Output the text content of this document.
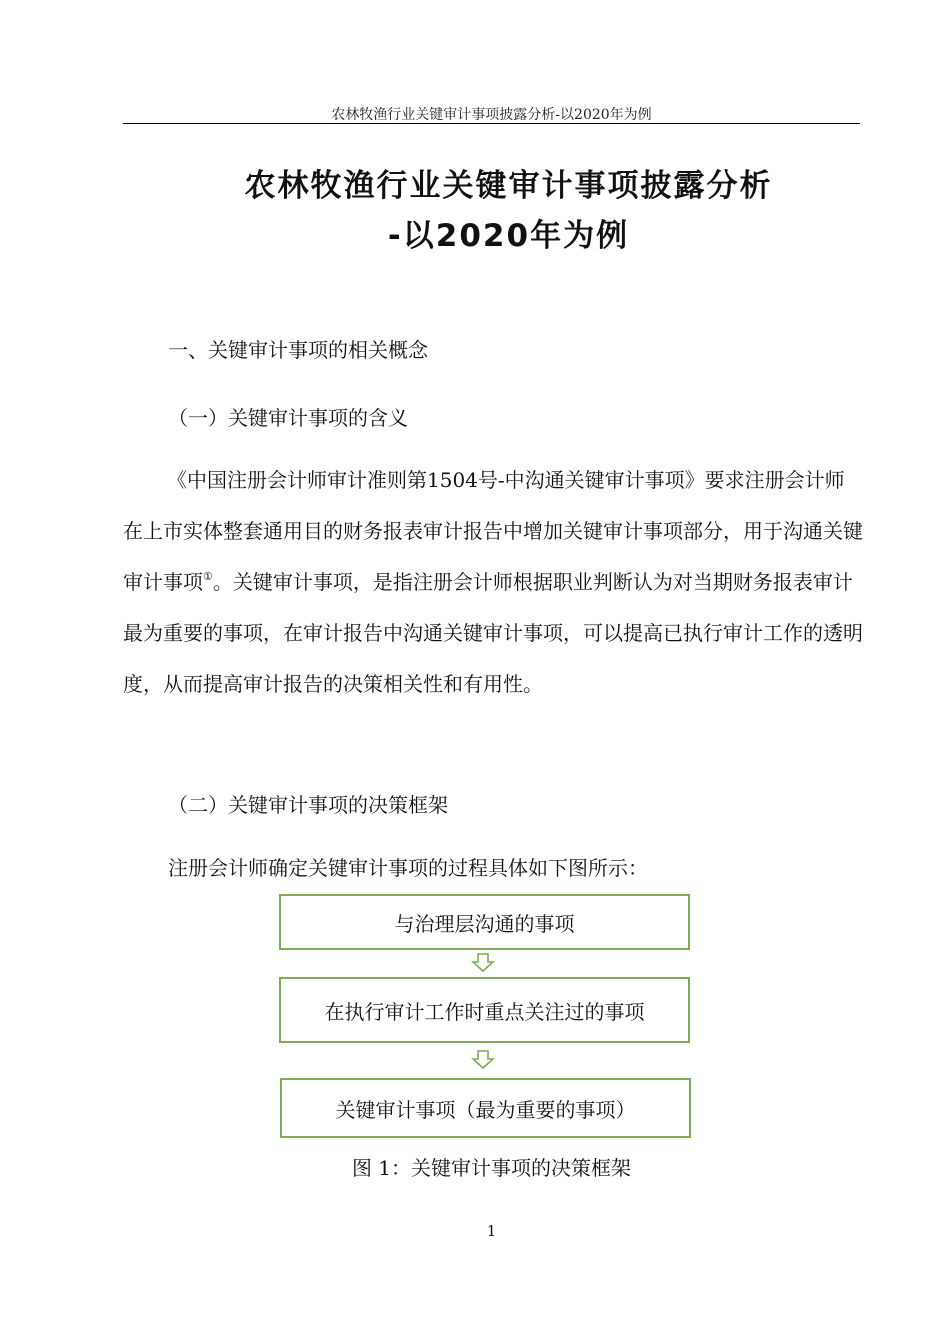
农林牧渔行业关键审计事项披露分析-以2020年为例
农林牧渔行业关键审计事项披露分析
-以2020年为例
一、关键审计事项的相关概念
（一）关键审计事项的含义
《中国注册会计师审计准则第1504号-中沟通关键审计事项》要求注册会计师在上市实体整套通用目的财务报表审计报告中增加关键审计事项部分，用于沟通关键审计事项①。关键审计事项，是指注册会计师根据职业判断认为对当期财务报表审计最为重要的事项，在审计报告中沟通关键审计事项，可以提高已执行审计工作的透明度，从而提高审计报告的决策相关性和有用性。
（二）关键审计事项的决策框架
注册会计师确定关键审计事项的过程具体如下图所示：
与治理层沟通的事项
在执行审计工作时重点关注过的事项
关键审计事项（最为重要的事项）
图 1：关键审计事项的决策框架
1
